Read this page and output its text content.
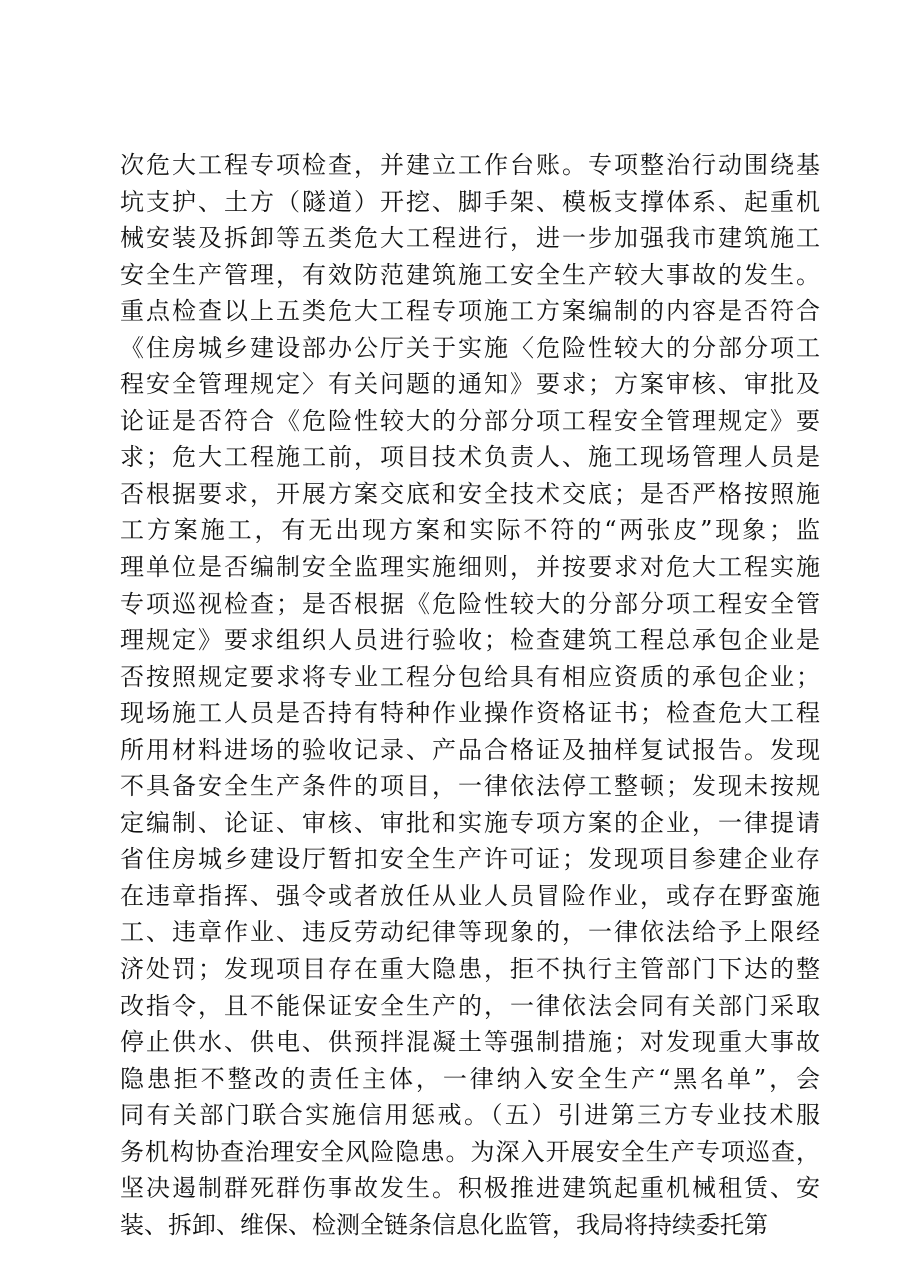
次危大工程专项检查，并建立工作台账。专项整治行动围绕基
坑支护、土方（隧道）开挖、脚手架、模板支撑体系、起重机
械安装及拆卸等五类危大工程进行，进一步加强我市建筑施工
安全生产管理，有效防范建筑施工安全生产较大事故的发生。
重点检查以上五类危大工程专项施工方案编制的内容是否符合
《住房城乡建设部办公厅关于实施〈危险性较大的分部分项工
程安全管理规定〉有关问题的通知》要求；方案审核、审批及
论证是否符合《危险性较大的分部分项工程安全管理规定》要
求；危大工程施工前，项目技术负责人、施工现场管理人员是
否根据要求，开展方案交底和安全技术交底；是否严格按照施
工方案施工，有无出现方案和实际不符的“两张皮”现象；监
理单位是否编制安全监理实施细则，并按要求对危大工程实施
专项巡视检查；是否根据《危险性较大的分部分项工程安全管
理规定》要求组织人员进行验收；检查建筑工程总承包企业是
否按照规定要求将专业工程分包给具有相应资质的承包企业；
现场施工人员是否持有特种作业操作资格证书；检查危大工程
所用材料进场的验收记录、产品合格证及抽样复试报告。发现
不具备安全生产条件的项目，一律依法停工整顿；发现未按规
定编制、论证、审核、审批和实施专项方案的企业，一律提请
省住房城乡建设厅暂扣安全生产许可证；发现项目参建企业存
在违章指挥、强令或者放任从业人员冒险作业，或存在野蛮施
工、违章作业、违反劳动纪律等现象的，一律依法给予上限经
济处罚；发现项目存在重大隐患，拒不执行主管部门下达的整
改指令，且不能保证安全生产的，一律依法会同有关部门采取
停止供水、供电、供预拌混凝土等强制措施；对发现重大事故
隐患拒不整改的责任主体，一律纳入安全生产“黑名单”，会
同有关部门联合实施信用惩戒。（五）引进第三方专业技术服
务机构协查治理安全风险隐患。为深入开展安全生产专项巡查，
坚决遏制群死群伤事故发生。积极推进建筑起重机械租赁、安
装、拆卸、维保、检测全链条信息化监管，我局将持续委托第
